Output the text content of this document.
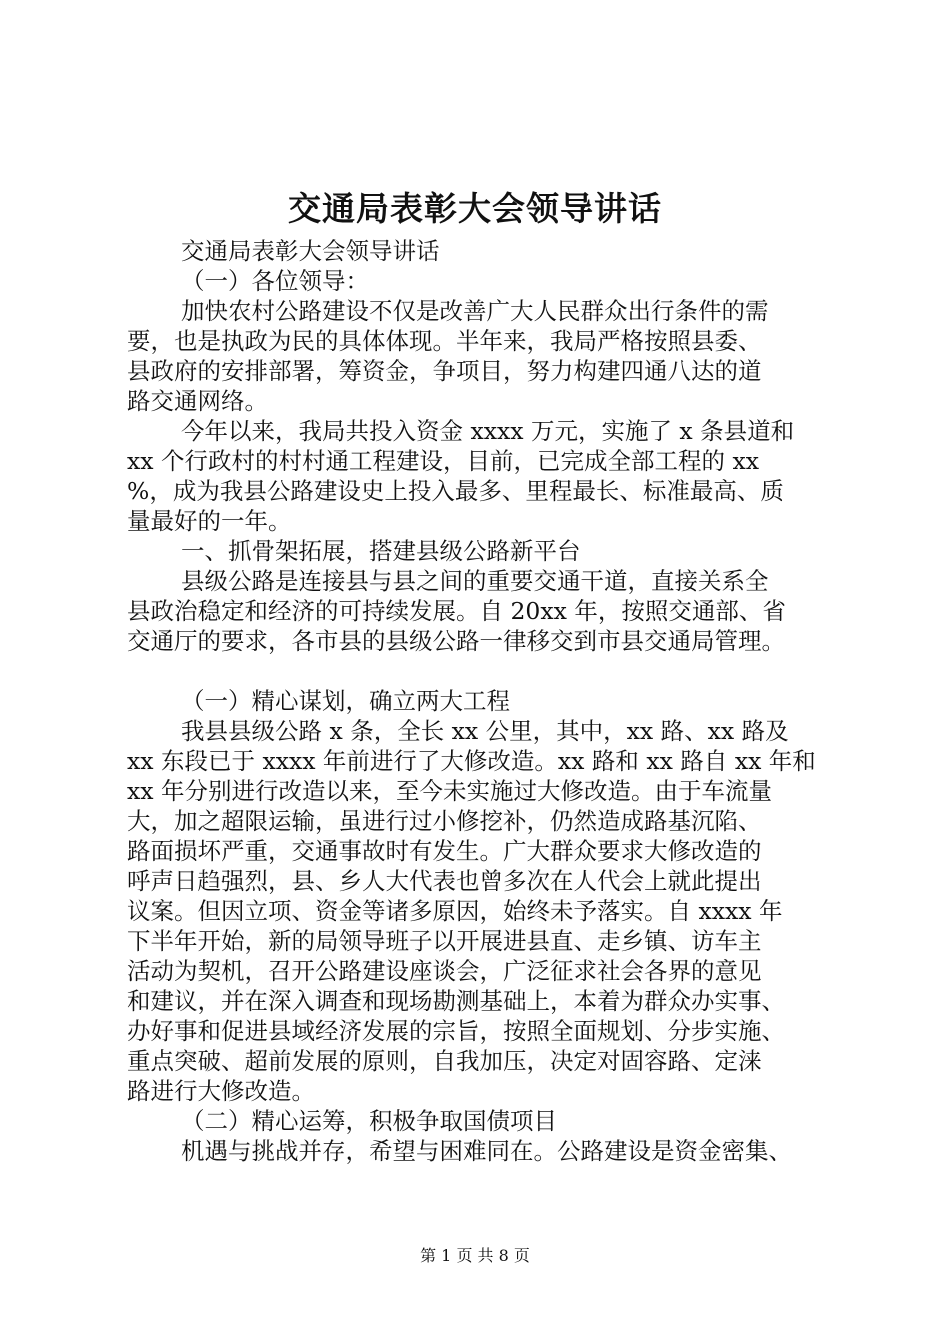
交通局表彰大会领导讲话
交通局表彰大会领导讲话
（一）各位领导：
加快农村公路建设不仅是改善广大人民群众出行条件的需
要，也是执政为民的具体体现。半年来，我局严格按照县委、
县政府的安排部署，筹资金，争项目，努力构建四通八达的道
路交通网络。
今年以来，我局共投入资金 xxxx 万元，实施了 x 条县道和
xx 个行政村的村村通工程建设，目前，已完成全部工程的 xx
%，成为我县公路建设史上投入最多、里程最长、标准最高、质
量最好的一年。
一、抓骨架拓展，搭建县级公路新平台
县级公路是连接县与县之间的重要交通干道，直接关系全
县政治稳定和经济的可持续发展。自 20xx 年，按照交通部、省
交通厅的要求，各市县的县级公路一律移交到市县交通局管理。
（一）精心谋划，确立两大工程
我县县级公路 x 条，全长 xx 公里，其中，xx 路、xx 路及
xx 东段已于 xxxx 年前进行了大修改造。xx 路和 xx 路自 xx 年和
xx 年分别进行改造以来，至今未实施过大修改造。由于车流量
大，加之超限运输，虽进行过小修挖补，仍然造成路基沉陷、
路面损坏严重，交通事故时有发生。广大群众要求大修改造的
呼声日趋强烈，县、乡人大代表也曾多次在人代会上就此提出
议案。但因立项、资金等诸多原因，始终未予落实。自 xxxx 年
下半年开始，新的局领导班子以开展进县直、走乡镇、访车主
活动为契机，召开公路建设座谈会，广泛征求社会各界的意见
和建议，并在深入调查和现场勘测基础上，本着为群众办实事、
办好事和促进县域经济发展的宗旨，按照全面规划、分步实施、
重点突破、超前发展的原则，自我加压，决定对固容路、定涞
路进行大修改造。
（二）精心运筹，积极争取国债项目
机遇与挑战并存，希望与困难同在。公路建设是资金密集、
第 1 页 共 8 页
